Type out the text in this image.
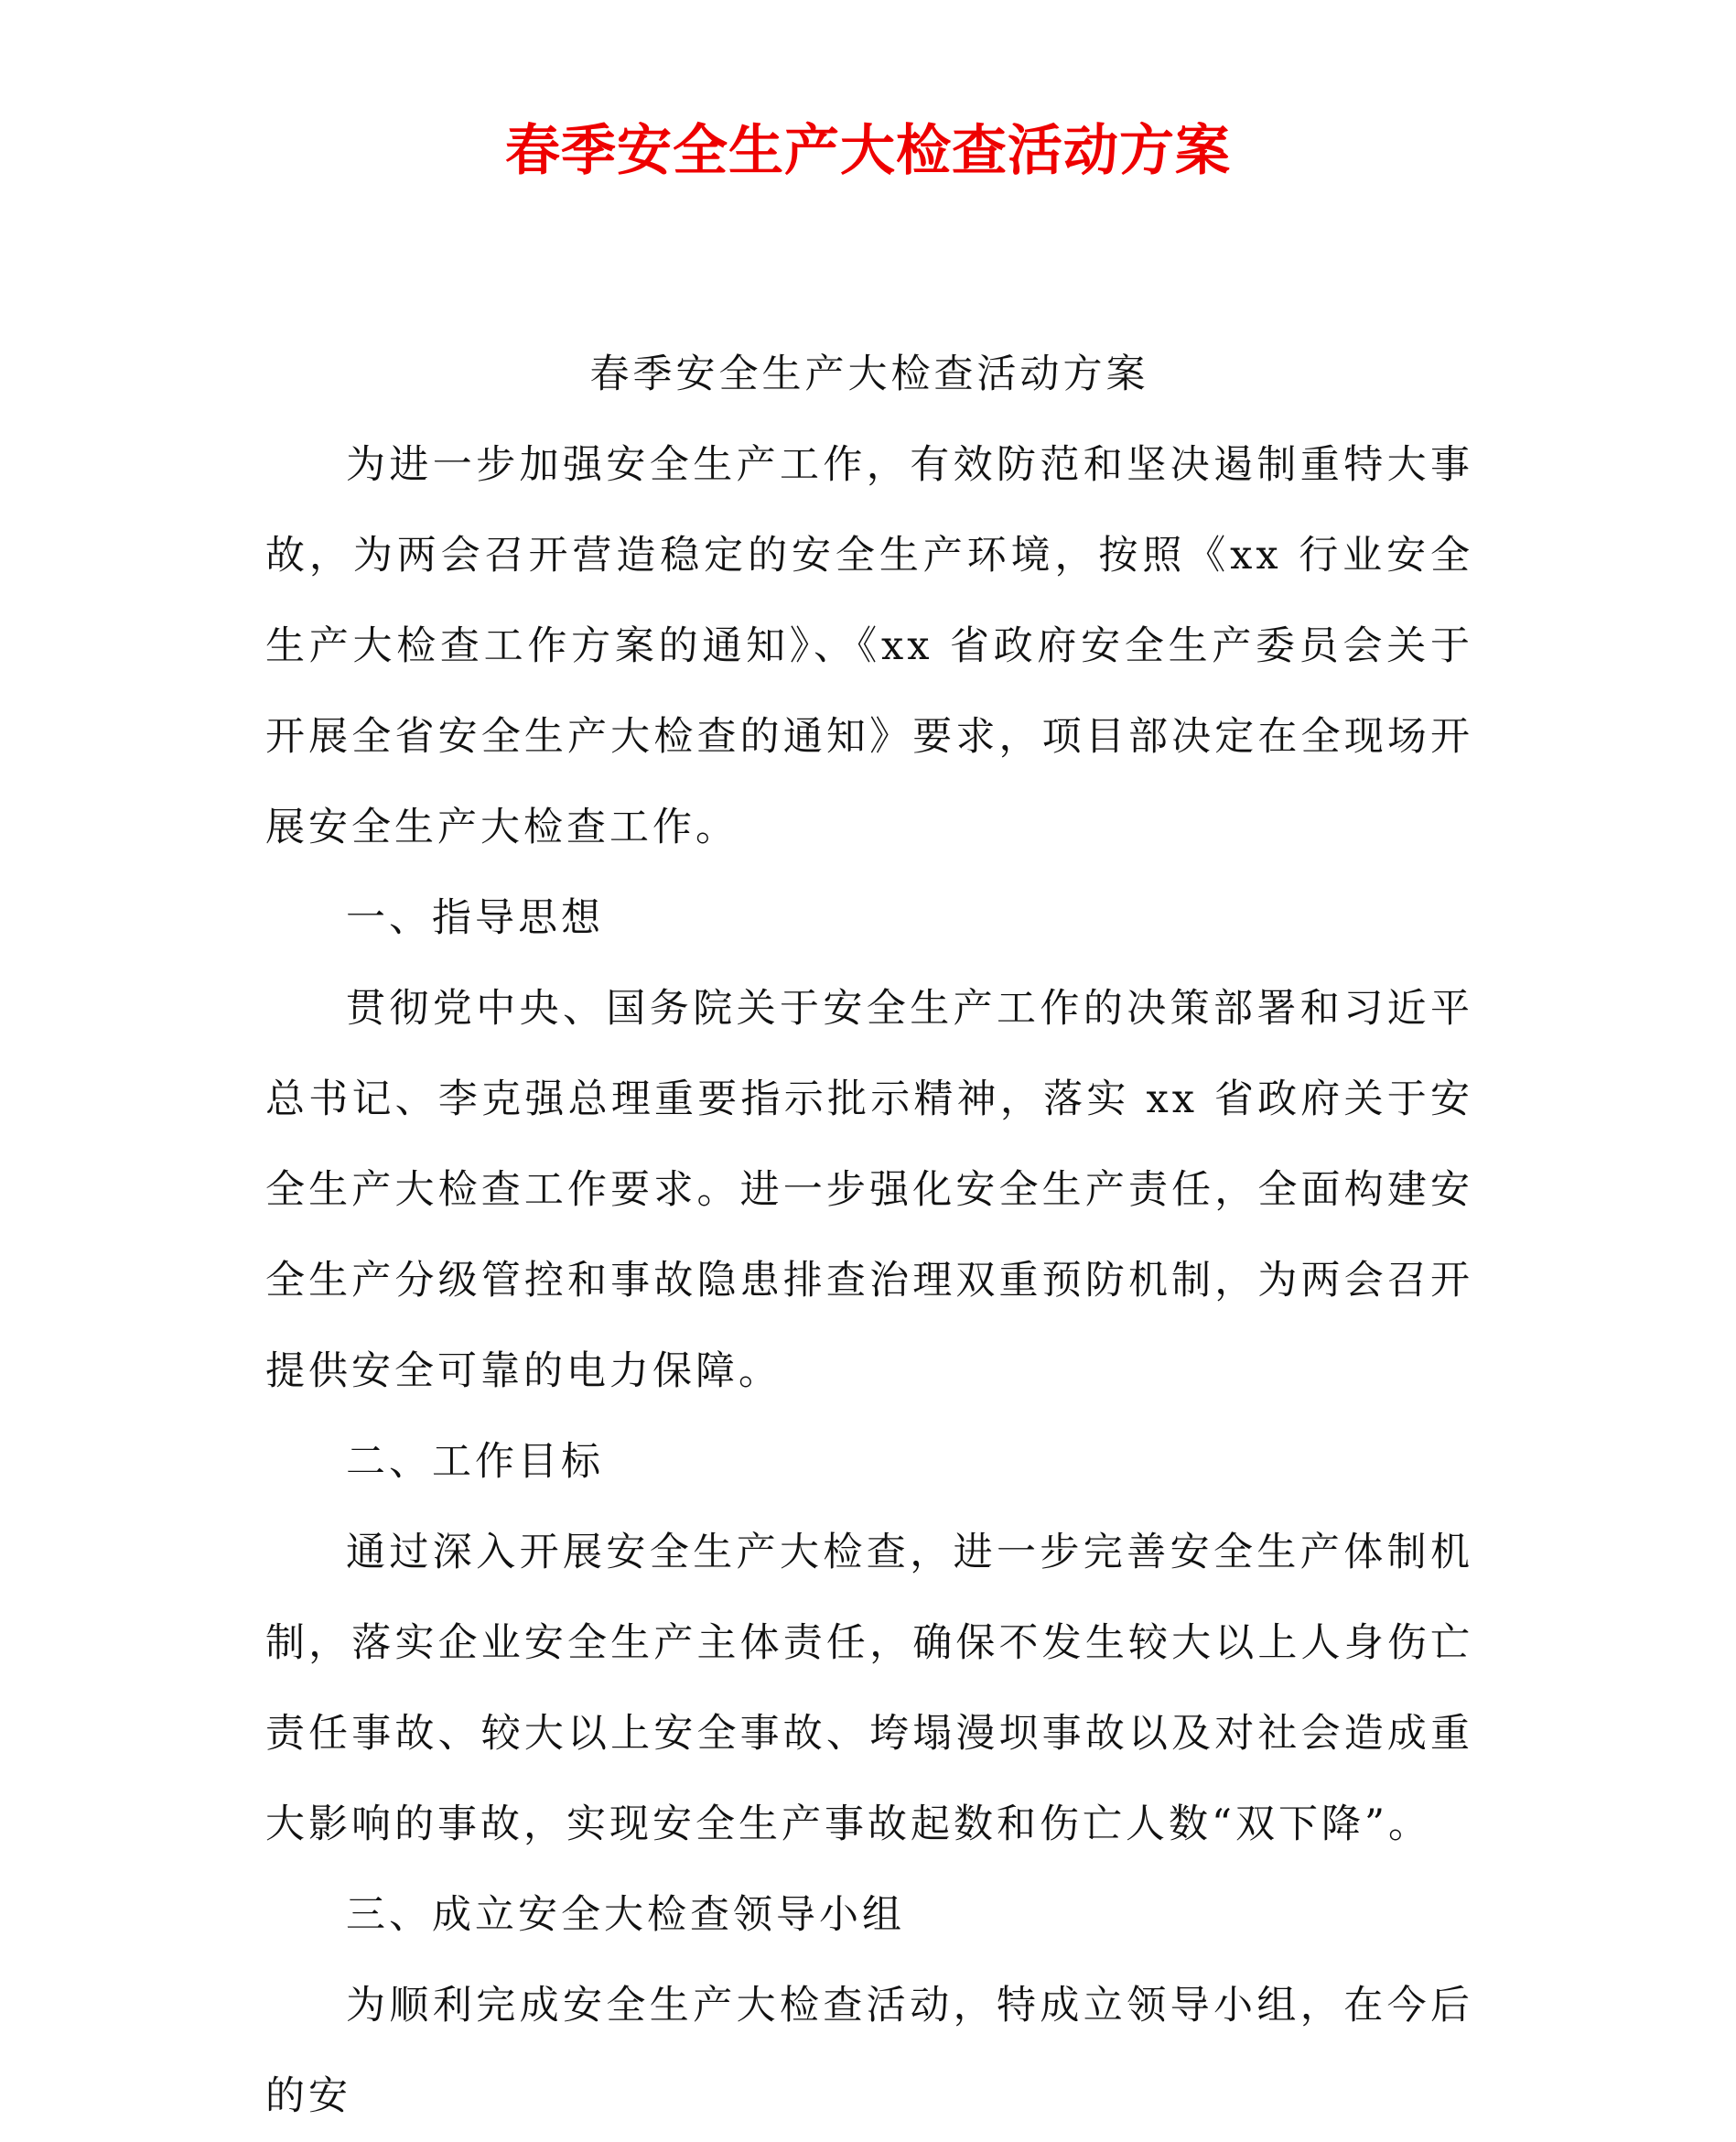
春季安全生产大检查活动方案

春季安全生产大检查活动方案

为进一步加强安全生产工作，有效防范和坚决遏制重特大事故，为两会召开营造稳定的安全生产环境，按照《xx 行业安全生产大检查工作方案的通知》、《xx 省政府安全生产委员会关于开展全省安全生产大检查的通知》要求，项目部决定在全现场开展安全生产大检查工作。

一、指导思想

贯彻党中央、国务院关于安全生产工作的决策部署和习近平总书记、李克强总理重要指示批示精神，落实 xx 省政府关于安全生产大检查工作要求。进一步强化安全生产责任，全面构建安全生产分级管控和事故隐患排查治理双重预防机制，为两会召开提供安全可靠的电力保障。

二、工作目标

通过深入开展安全生产大检查，进一步完善安全生产体制机制，落实企业安全生产主体责任，确保不发生较大以上人身伤亡责任事故、较大以上安全事故、垮塌漫坝事故以及对社会造成重大影响的事故，实现安全生产事故起数和伤亡人数“双下降”。

三、成立安全大检查领导小组

为顺利完成安全生产大检查活动，特成立领导小组，在今后的安
